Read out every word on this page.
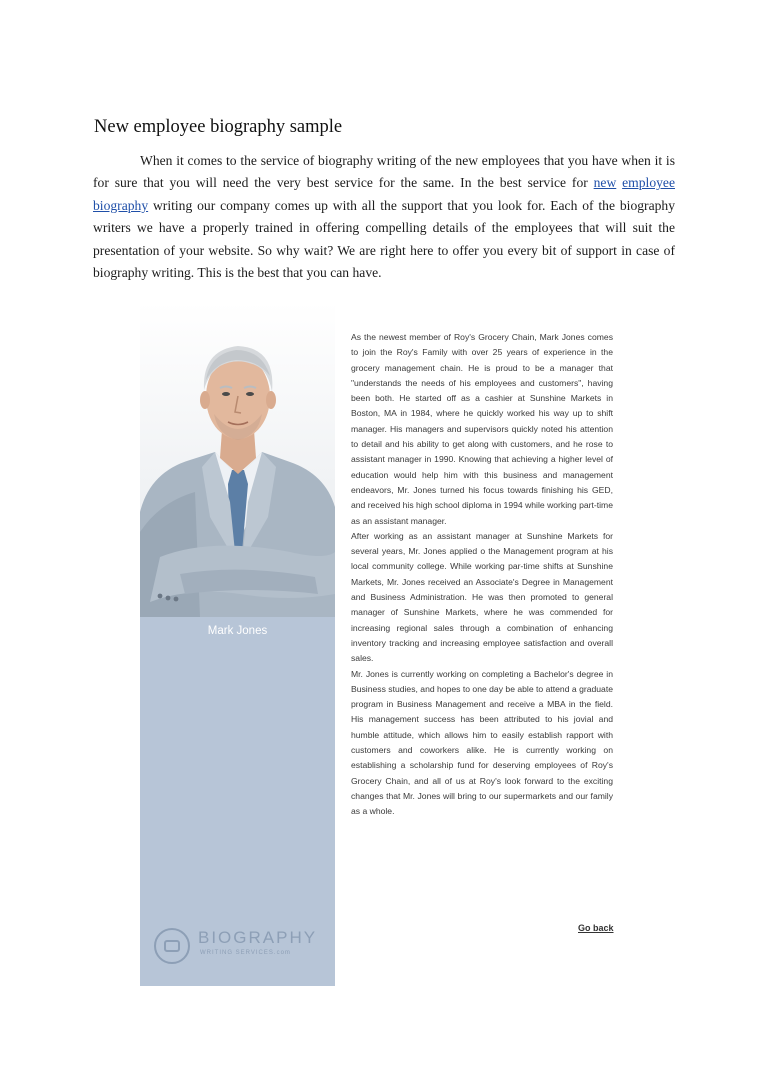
New employee biography sample

When it comes to the service of biography writing of the new employees that you have when it is for sure that you will need the very best service for the same. In the best service for new employee biography writing our company comes up with all the support that you look for. Each of the biography writers we have a properly trained in offering compelling details of the employees that will suit the presentation of your website. So why wait? We are right here to offer you every bit of support in case of biography writing. This is the best that you can have.

Mark Jones
BIOGRAPHY
WRITING SERVICES.com

As the newest member of Roy's Grocery Chain, Mark Jones comes to join the Roy's Family with over 25 years of experience in the grocery management chain. He is proud to be a manager that "understands the needs of his employees and customers", having been both. He started off as a cashier at Sunshine Markets in Boston, MA in 1984, where he quickly worked his way up to shift manager. His managers and supervisors quickly noted his attention to detail and his ability to get along with customers, and he rose to assistant manager in 1990. Knowing that achieving a higher level of education would help him with this business and management endeavors, Mr. Jones turned his focus towards finishing his GED, and received his high school diploma in 1994 while working part-time as an assistant manager.

After working as an assistant manager at Sunshine Markets for several years, Mr. Jones applied o the Management program at his local community college. While working par-time shifts at Sunshine Markets, Mr. Jones received an Associate's Degree in Management and Business Administration. He was then promoted to general manager of Sunshine Markets, where he was commended for increasing regional sales through a combination of enhancing inventory tracking and increasing employee satisfaction and overall sales.

Mr. Jones is currently working on completing a Bachelor's degree in Business studies, and hopes to one day be able to attend a graduate program in Business Management and receive a MBA in the field. His management success has been attributed to his jovial and humble attitude, which allows him to easily establish rapport with customers and coworkers alike. He is currently working on establishing a scholarship fund for deserving employees of Roy's Grocery Chain, and all of us at Roy's look forward to the exciting changes that Mr. Jones will bring to our supermarkets and our family as a whole.

Go back
